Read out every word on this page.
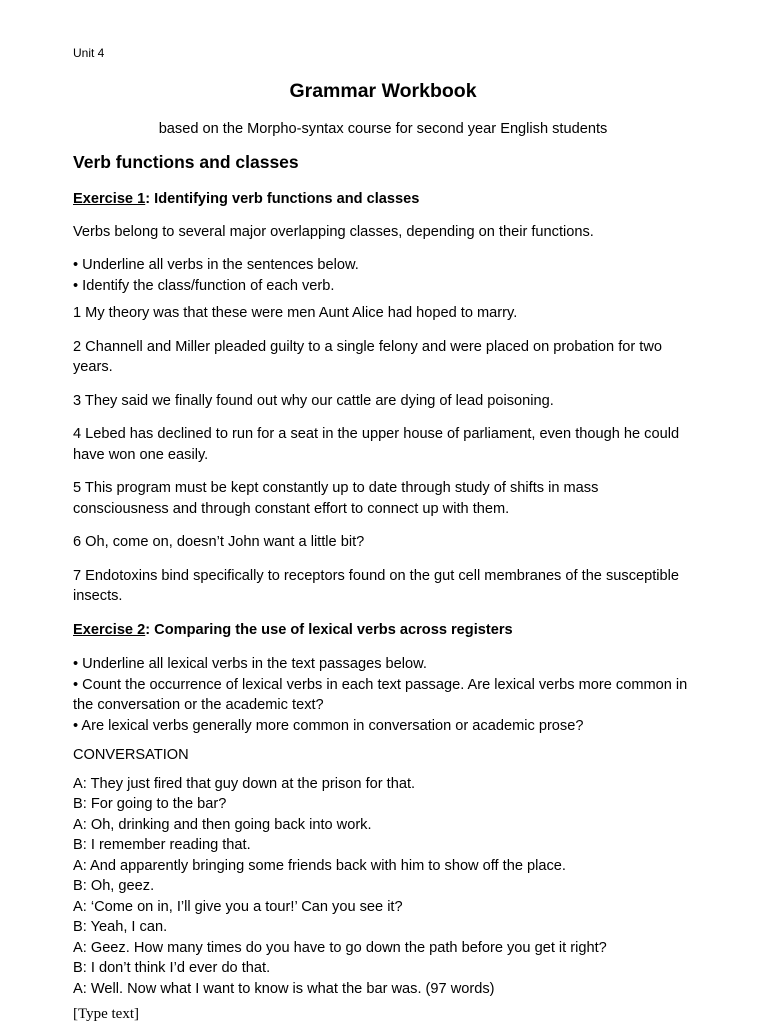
Unit 4
Grammar Workbook
based on the Morpho-syntax course for second year English students
Verb functions and classes
Exercise 1: Identifying verb functions and classes

Verbs belong to several major overlapping classes, depending on their functions.

• Underline all verbs in the sentences below.
• Identify the class/function of each verb.
1 My theory was that these were men Aunt Alice had hoped to marry.
2 Channell and Miller pleaded guilty to a single felony and were placed on probation for two years.
3 They said we finally found out why our cattle are dying of lead poisoning.
4 Lebed has declined to run for a seat in the upper house of parliament, even though he could have won one easily.
5 This program must be kept constantly up to date through study of shifts in mass consciousness and through constant effort to connect up with them.
6 Oh, come on, doesn’t John want a little bit?
7 Endotoxins bind specifically to receptors found on the gut cell membranes of the susceptible insects.
Exercise 2: Comparing the use of lexical verbs across registers
• Underline all lexical verbs in the text passages below.
• Count the occurrence of lexical verbs in each text passage. Are lexical verbs more common in the conversation or the academic text?
• Are lexical verbs generally more common in conversation or academic prose?
CONVERSATION
A: They just fired that guy down at the prison for that.
B: For going to the bar?
A: Oh, drinking and then going back into work.
B: I remember reading that.
A: And apparently bringing some friends back with him to show off the place.
B: Oh, geez.
A: ‘Come on in, I’ll give you a tour!’ Can you see it?
B: Yeah, I can.
A: Geez. How many times do you have to go down the path before you get it right?
B: I don’t think I’d ever do that.
A: Well. Now what I want to know is what the bar was. (97 words)
[Type text]
